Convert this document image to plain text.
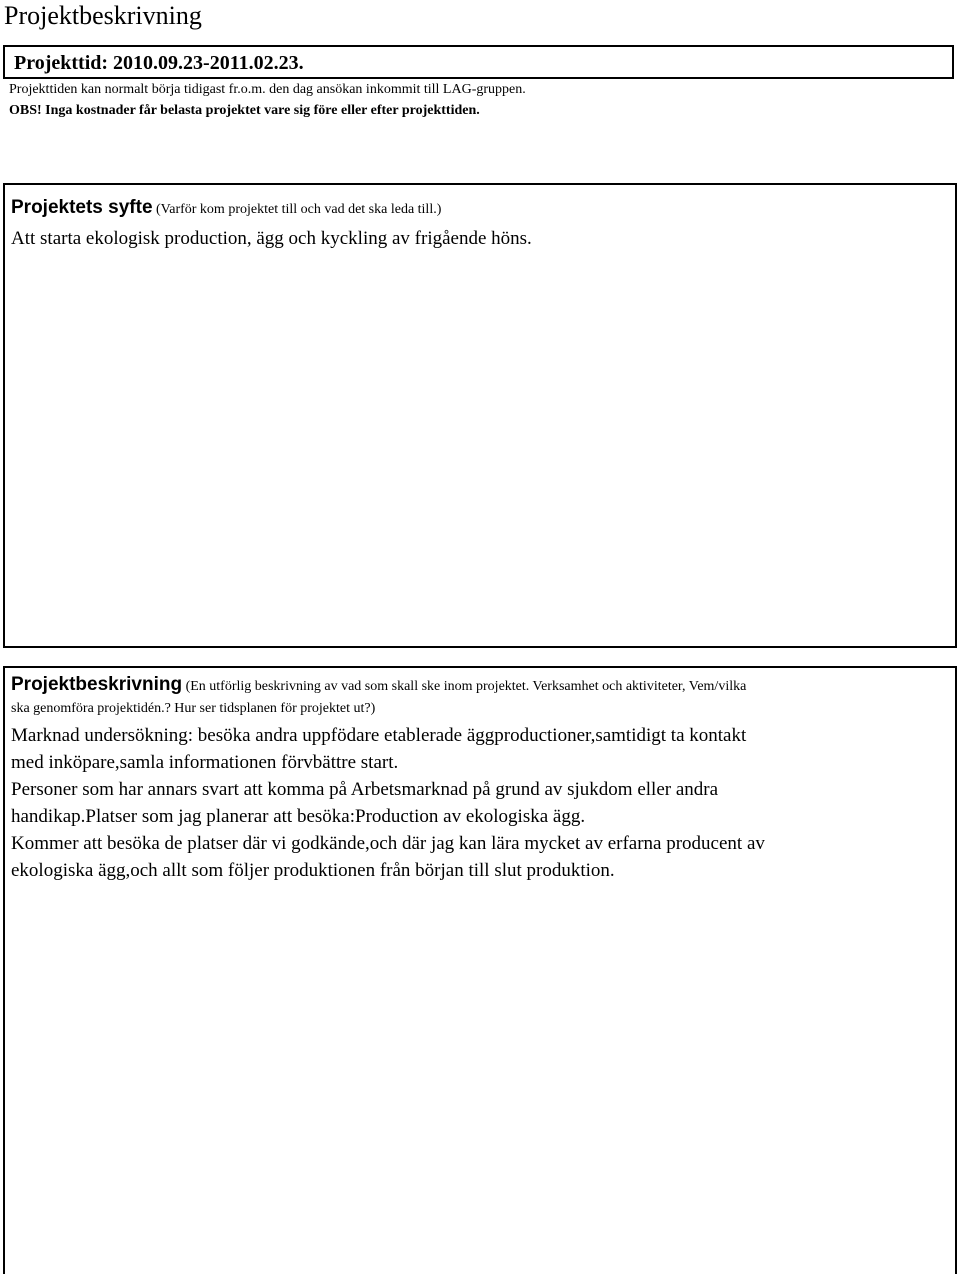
Projektbeskrivning
Projekttid: 2010.09.23-2011.02.23.
Projekttiden kan normalt börja tidigast fr.o.m. den dag ansökan inkommit till LAG-gruppen.
OBS! Inga kostnader får belasta projektet vare sig före eller efter projekttiden.
Projektets syfte (Varför kom projektet till och vad det ska leda till.)
Att starta ekologisk production, ägg och kyckling av frigående höns.
Projektbeskrivning (En utförlig beskrivning av vad som skall ske inom projektet. Verksamhet och aktiviteter, Vem/vilka
ska genomföra projektidén.? Hur ser tidsplanen för projektet ut?)
Marknad undersökning: besöka andra uppfödare etablerade äggproductioner,samtidigt ta kontakt
med inköpare,samla informationen förvbättre start.
Personer som har annars svart att komma på Arbetsmarknad på grund av sjukdom eller andra
handikap.Platser som jag planerar att besöka:Production av ekologiska ägg.
Kommer att besöka de platser där vi godkände,och där jag kan lära mycket av erfarna producent av
ekologiska ägg,och allt som följer produktionen från början till slut produktion.
